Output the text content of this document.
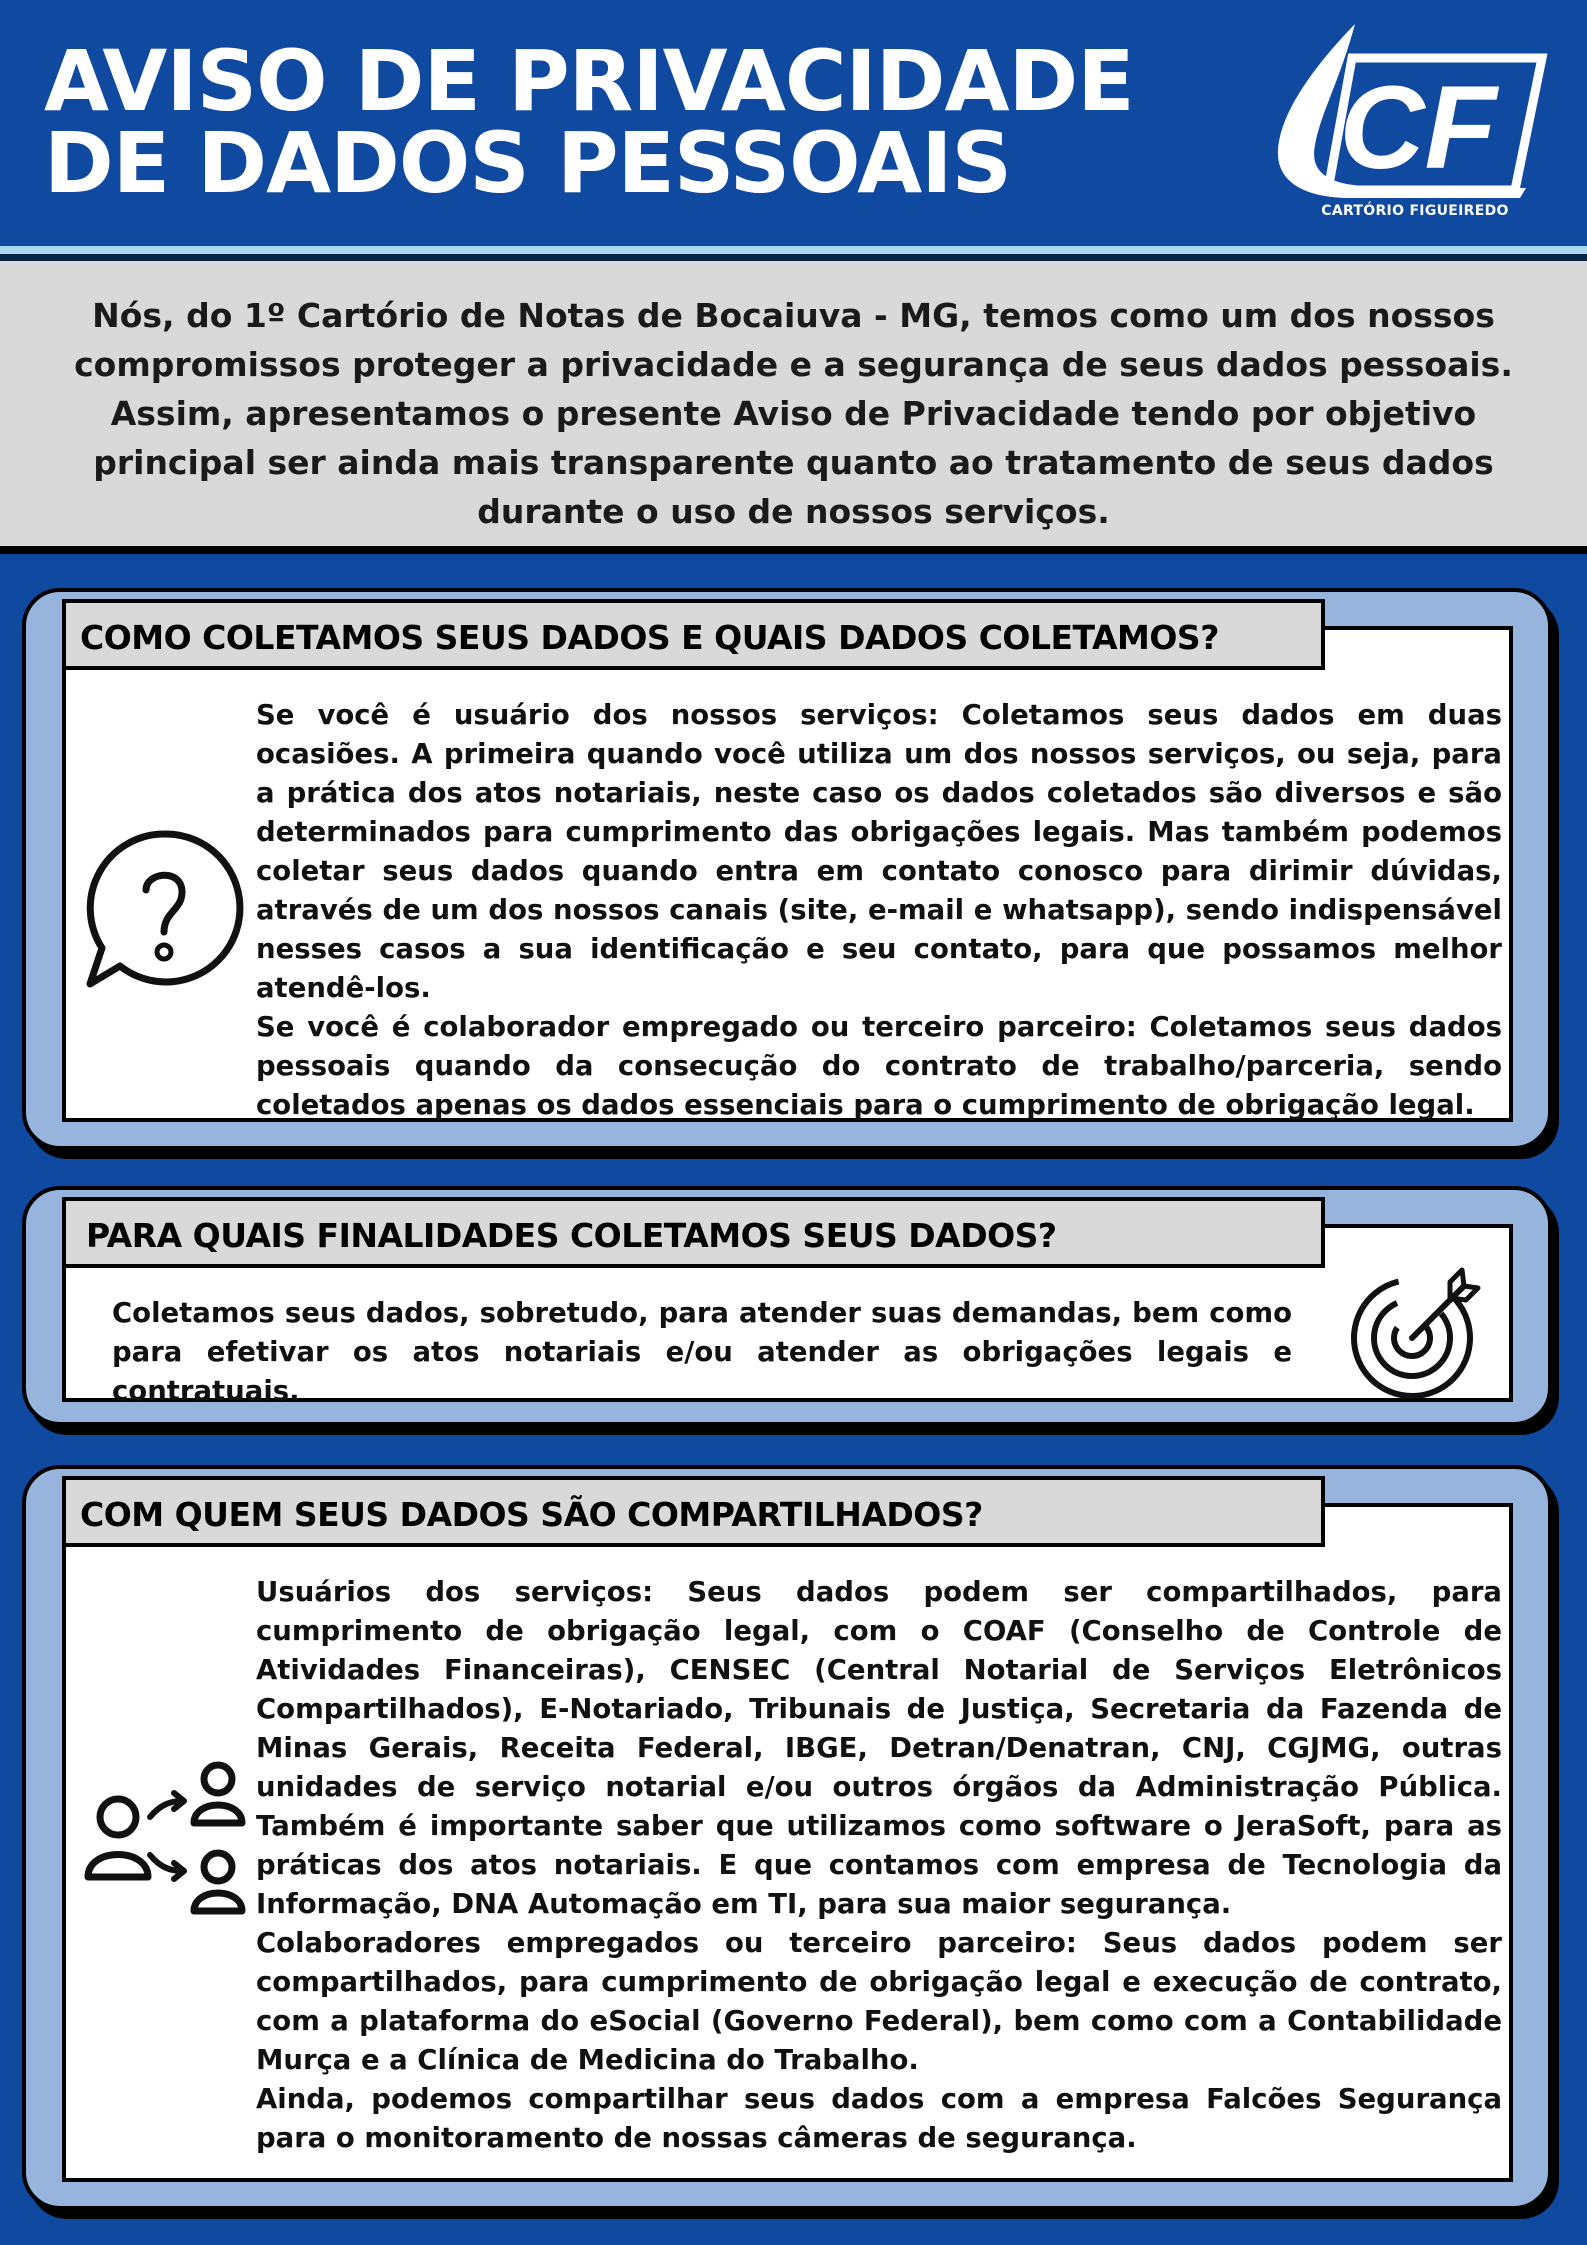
AVISO DE PRIVACIDADE
DE DADOS PESSOAIS	CF
CARTÓRIO FIGUEIREDO
Nós, do 1º Cartório de Notas de Bocaiuva - MG, temos como um dos nossos compromissos proteger a privacidade e a segurança de seus dados pessoais. Assim, apresentamos o presente Aviso de Privacidade tendo por objetivo principal ser ainda mais transparente quanto ao tratamento de seus dados durante o uso de nossos serviços.
COMO COLETAMOS SEUS DADOS E QUAIS DADOS COLETAMOS?

Se você é usuário dos nossos serviços: Coletamos seus dados em duas ocasiões. A primeira quando você utiliza um dos nossos serviços, ou seja, para a prática dos atos notariais, neste caso os dados coletados são diversos e são determinados para cumprimento das obrigações legais. Mas também podemos coletar seus dados quando entra em contato conosco para dirimir dúvidas, através de um dos nossos canais (site, e-mail e whatsapp), sendo indispensável nesses casos a sua identificação e seu contato, para que possamos melhor atendê-los.

Se você é colaborador empregado ou terceiro parceiro: Coletamos seus dados pessoais quando da consecução do contrato de trabalho/parceria, sendo coletados apenas os dados essenciais para o cumprimento de obrigação legal.

PARA QUAIS FINALIDADES COLETAMOS SEUS DADOS?

Coletamos seus dados, sobretudo, para atender suas demandas, bem como para efetivar os atos notariais e/ou atender as obrigações legais e contratuais.

COM QUEM SEUS DADOS SÃO COMPARTILHADOS?

Usuários dos serviços: Seus dados podem ser compartilhados, para cumprimento de obrigação legal, com o COAF (Conselho de Controle de Atividades Financeiras), CENSEC (Central Notarial de Serviços Eletrônicos Compartilhados), E-Notariado, Tribunais de Justiça, Secretaria da Fazenda de Minas Gerais, Receita Federal, IBGE, Detran/Denatran, CNJ, CGJMG, outras unidades de serviço notarial e/ou outros órgãos da Administração Pública. Também é importante saber que utilizamos como software o JeraSoft, para as práticas dos atos notariais. E que contamos com empresa de Tecnologia da Informação, DNA Automação em TI, para sua maior segurança.

Colaboradores empregados ou terceiro parceiro: Seus dados podem ser compartilhados, para cumprimento de obrigação legal e execução de contrato, com a plataforma do eSocial (Governo Federal), bem como com a Contabilidade Murça e a Clínica de Medicina do Trabalho.

Ainda, podemos compartilhar seus dados com a empresa Falcões Segurança para o monitoramento de nossas câmeras de segurança.
